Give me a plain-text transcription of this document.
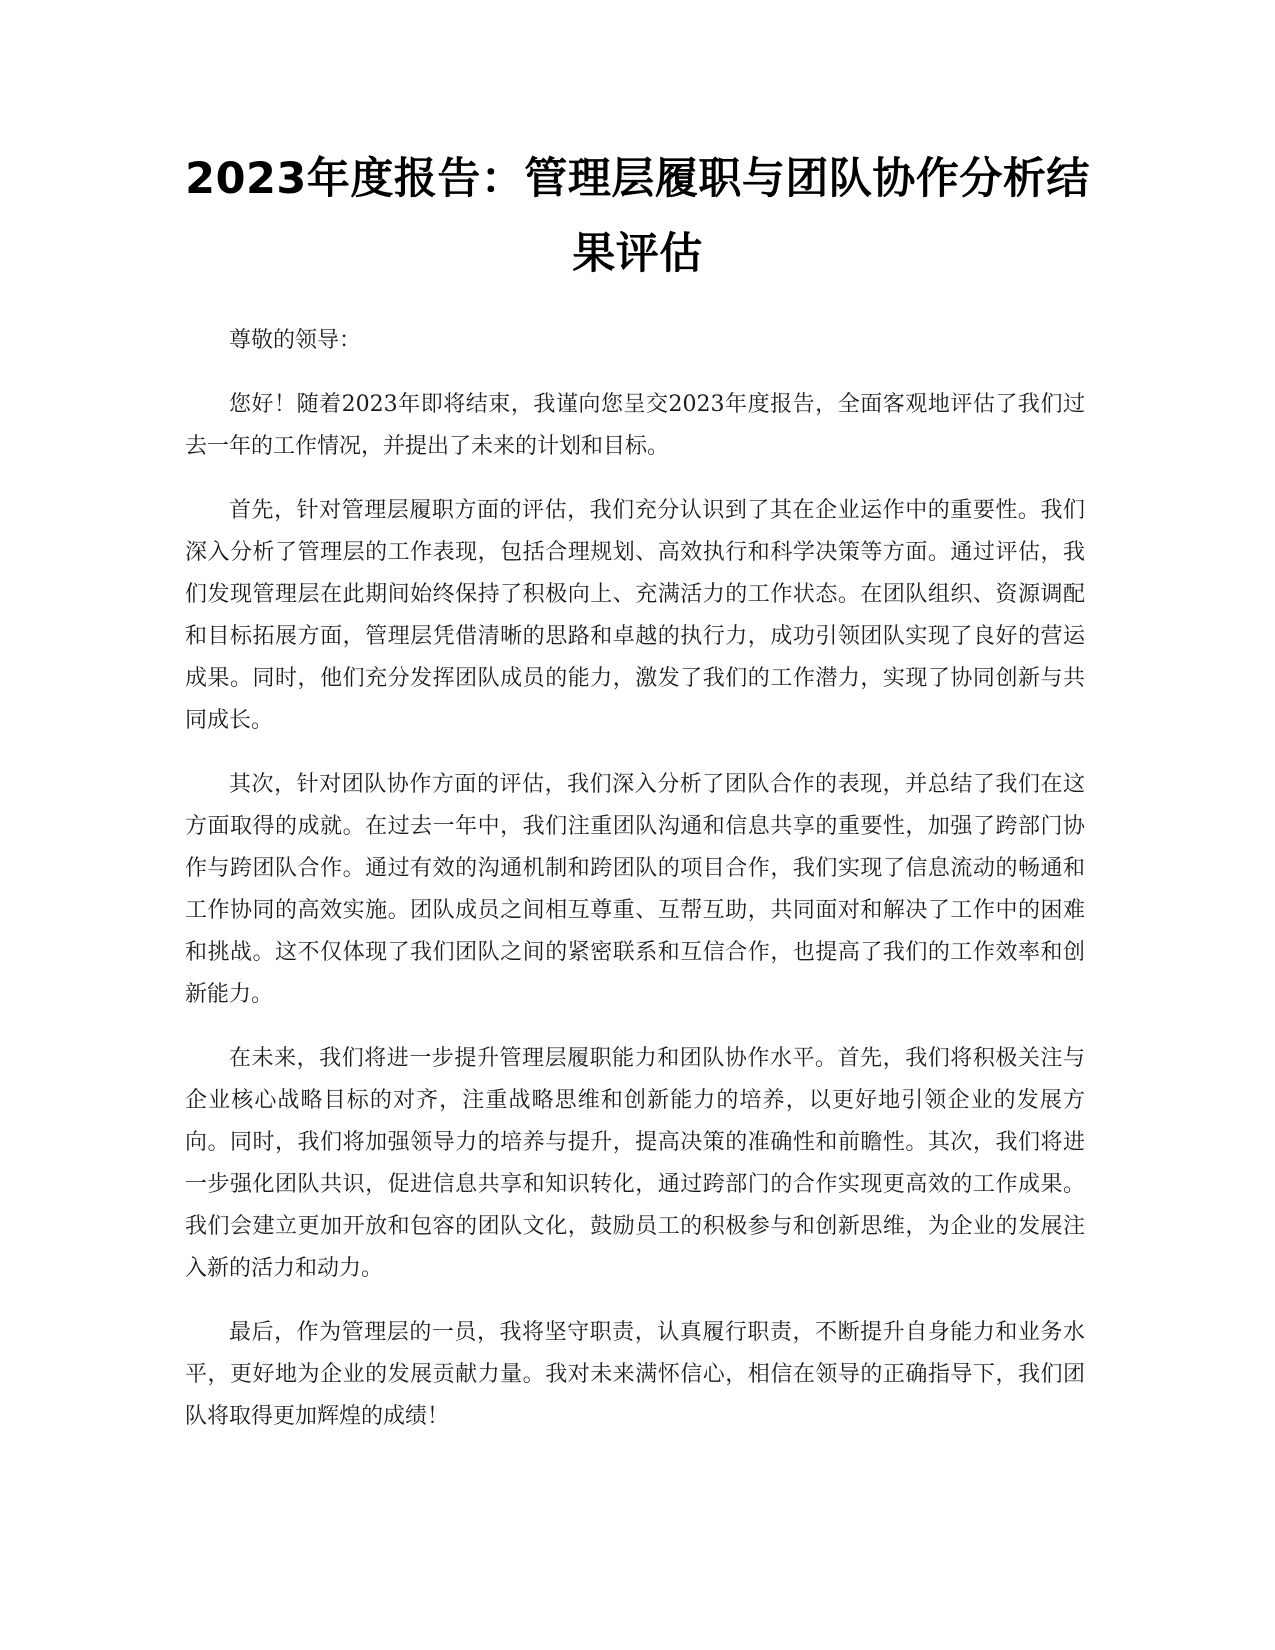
2023年度报告：管理层履职与团队协作分析结果评估

尊敬的领导：

您好！随着2023年即将结束，我谨向您呈交2023年度报告，全面客观地评估了我们过去一年的工作情况，并提出了未来的计划和目标。

首先，针对管理层履职方面的评估，我们充分认识到了其在企业运作中的重要性。我们深入分析了管理层的工作表现，包括合理规划、高效执行和科学决策等方面。通过评估，我们发现管理层在此期间始终保持了积极向上、充满活力的工作状态。在团队组织、资源调配和目标拓展方面，管理层凭借清晰的思路和卓越的执行力，成功引领团队实现了良好的营运成果。同时，他们充分发挥团队成员的能力，激发了我们的工作潜力，实现了协同创新与共同成长。

其次，针对团队协作方面的评估，我们深入分析了团队合作的表现，并总结了我们在这方面取得的成就。在过去一年中，我们注重团队沟通和信息共享的重要性，加强了跨部门协作与跨团队合作。通过有效的沟通机制和跨团队的项目合作，我们实现了信息流动的畅通和工作协同的高效实施。团队成员之间相互尊重、互帮互助，共同面对和解决了工作中的困难和挑战。这不仅体现了我们团队之间的紧密联系和互信合作，也提高了我们的工作效率和创新能力。

在未来，我们将进一步提升管理层履职能力和团队协作水平。首先，我们将积极关注与企业核心战略目标的对齐，注重战略思维和创新能力的培养，以更好地引领企业的发展方向。同时，我们将加强领导力的培养与提升，提高决策的准确性和前瞻性。其次，我们将进一步强化团队共识，促进信息共享和知识转化，通过跨部门的合作实现更高效的工作成果。我们会建立更加开放和包容的团队文化，鼓励员工的积极参与和创新思维，为企业的发展注入新的活力和动力。

最后，作为管理层的一员，我将坚守职责，认真履行职责，不断提升自身能力和业务水平，更好地为企业的发展贡献力量。我对未来满怀信心，相信在领导的正确指导下，我们团队将取得更加辉煌的成绩！
